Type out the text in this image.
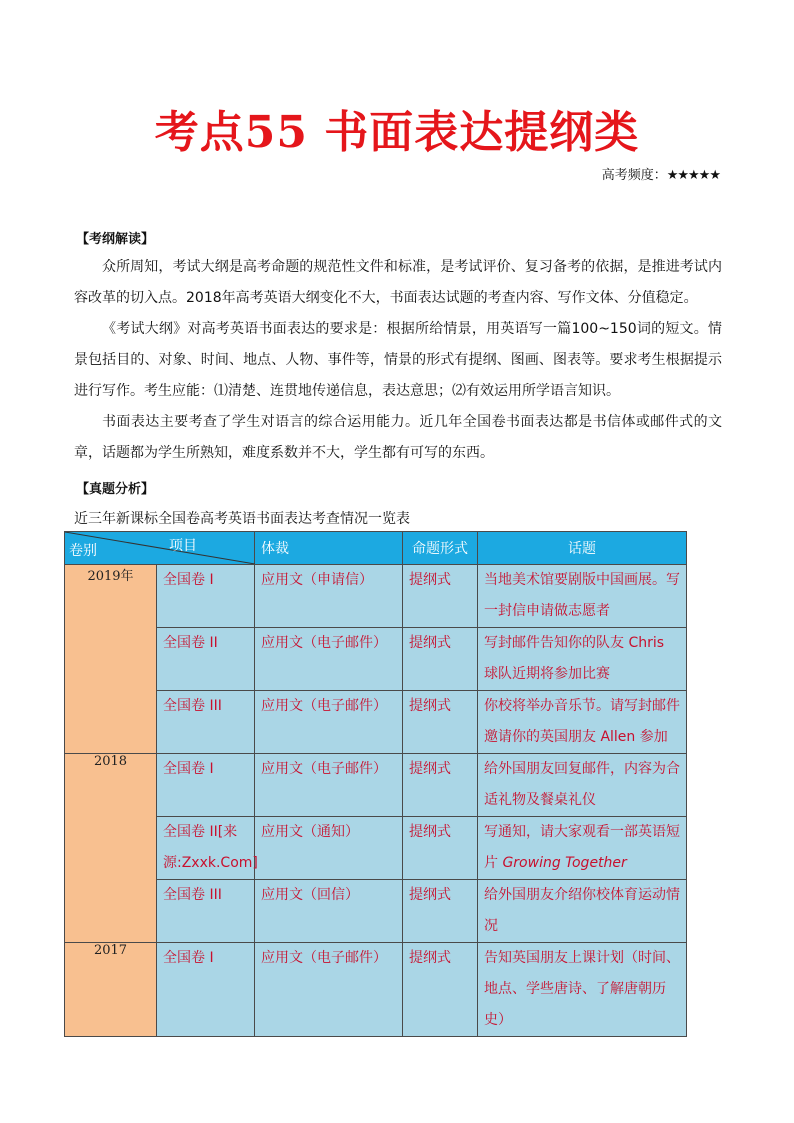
考点55 书面表达提纲类
高考频度：★★★★★
【考纲解读】
众所周知，考试大纲是高考命题的规范性文件和标准，是考试评价、复习备考的依据，是推进考试内容改革的切入点。2018年高考英语大纲变化不大，书面表达试题的考查内容、写作文体、分值稳定。
《考试大纲》对高考英语书面表达的要求是：根据所给情景，用英语写一篇100~150词的短文。情景包括目的、对象、时间、地点、人物、事件等，情景的形式有提纲、图画、图表等。要求考生根据提示进行写作。考生应能：⑴清楚、连贯地传递信息，表达意思；⑵有效运用所学语言知识。
书面表达主要考查了学生对语言的综合运用能力。近几年全国卷书面表达都是书信体或邮件式的文章，话题都为学生所熟知，难度系数并不大，学生都有可写的东西。
【真题分析】
近三年新课标全国卷高考英语书面表达考查情况一览表
卷别 项目		体裁	命题形式	话题
2019年	全国卷 I	应用文（申请信）	提纲式	当地美术馆要剧版中国画展。写一封信申请做志愿者
	全国卷 II	应用文（电子邮件）	提纲式	写封邮件告知你的队友 Chris 球队近期将参加比赛
	全国卷 III	应用文（电子邮件）	提纲式	你校将举办音乐节。请写封邮件邀请你的英国朋友 Allen 参加
2018	全国卷 I	应用文（电子邮件）	提纲式	给外国朋友回复邮件，内容为合适礼物及餐桌礼仪
	全国卷 II[来源:Zxxk.Com]	应用文（通知）	提纲式	写通知，请大家观看一部英语短片 Growing Together
	全国卷 III	应用文（回信）	提纲式	给外国朋友介绍你校体育运动情况
2017	全国卷 I	应用文（电子邮件）	提纲式	告知英国朋友上课计划（时间、地点、学些唐诗、了解唐朝历史）
